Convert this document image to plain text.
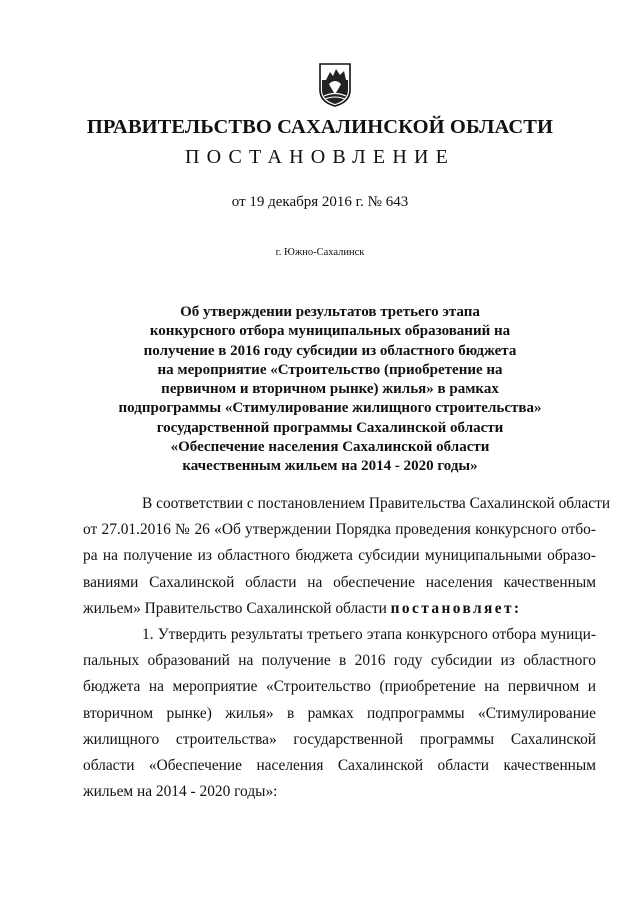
ПРАВИТЕЛЬСТВО САХАЛИНСКОЙ ОБЛАСТИ
ПОСТАНОВЛЕНИЕ
от 19 декабря 2016 г. № 643
г. Южно-Сахалинск
Об утверждении результатов третьего этапа
конкурсного отбора муниципальных образований на
получение в 2016 году субсидии из областного бюджета
на мероприятие «Строительство (приобретение на
первичном и вторичном рынке) жилья» в рамках
подпрограммы «Стимулирование жилищного строительства»
государственной программы Сахалинской области
«Обеспечение населения Сахалинской области
качественным жильем на 2014 - 2020 годы»
В соответствии с постановлением Правительства Сахалинской области
от 27.01.2016 № 26 «Об утверждении Порядка проведения конкурсного отбо-
ра на получение из областного бюджета субсидии муниципальными образо-
ваниями Сахалинской области на обеспечение населения качественным
жильем» Правительство Сахалинской области постановляет:
1. Утвердить результаты третьего этапа конкурсного отбора муници-
пальных образований на получение в 2016 году субсидии из областного
бюджета на мероприятие «Строительство (приобретение на первичном и
вторичном рынке) жилья» в рамках подпрограммы «Стимулирование
жилищного строительства» государственной программы Сахалинской
области «Обеспечение населения Сахалинской области качественным
жильем на 2014 - 2020 годы»:
